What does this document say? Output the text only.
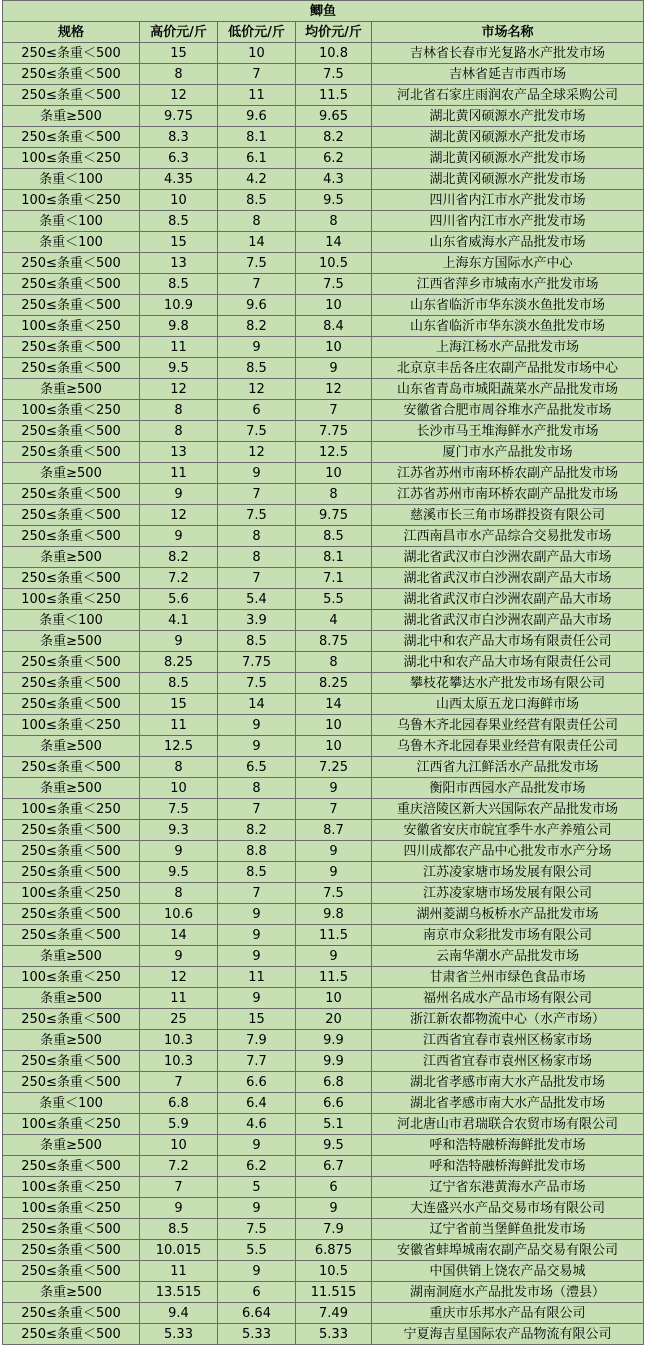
鲫鱼				
规格	高价元/斤	低价元/斤	均价元/斤	市场名称
250≤条重＜500	15	10	10.8	吉林省长春市光复路水产批发市场
250≤条重＜500	8	7	7.5	吉林省延吉市西市场
250≤条重＜500	12	11	11.5	河北省石家庄雨润农产品全球采购公司
条重≥500	9.75	9.6	9.65	湖北黄冈硕源水产批发市场
250≤条重＜500	8.3	8.1	8.2	湖北黄冈硕源水产批发市场
100≤条重＜250	6.3	6.1	6.2	湖北黄冈硕源水产批发市场
条重＜100	4.35	4.2	4.3	湖北黄冈硕源水产批发市场
100≤条重＜250	10	8.5	9.5	四川省内江市水产批发市场
条重＜100	8.5	8	8	四川省内江市水产批发市场
条重＜100	15	14	14	山东省威海水产品批发市场
250≤条重＜500	13	7.5	10.5	上海东方国际水产中心
250≤条重＜500	8.5	7	7.5	江西省萍乡市城南水产批发市场
250≤条重＜500	10.9	9.6	10	山东省临沂市华东淡水鱼批发市场
100≤条重＜250	9.8	8.2	8.4	山东省临沂市华东淡水鱼批发市场
250≤条重＜500	11	9	10	上海江杨水产品批发市场
250≤条重＜500	9.5	8.5	9	北京京丰岳各庄农副产品批发市场中心
条重≥500	12	12	12	山东省青岛市城阳蔬菜水产品批发市场
100≤条重＜250	8	6	7	安徽省合肥市周谷堆水产品批发市场
250≤条重＜500	8	7.5	7.75	长沙市马王堆海鲜水产批发市场
250≤条重＜500	13	12	12.5	厦门市水产品批发市场
条重≥500	11	9	10	江苏省苏州市南环桥农副产品批发市场
250≤条重＜500	9	7	8	江苏省苏州市南环桥农副产品批发市场
250≤条重＜500	12	7.5	9.75	慈溪市长三角市场群投资有限公司
250≤条重＜500	9	8	8.5	江西南昌市水产品综合交易批发市场
条重≥500	8.2	8	8.1	湖北省武汉市白沙洲农副产品大市场
250≤条重＜500	7.2	7	7.1	湖北省武汉市白沙洲农副产品大市场
100≤条重＜250	5.6	5.4	5.5	湖北省武汉市白沙洲农副产品大市场
条重＜100	4.1	3.9	4	湖北省武汉市白沙洲农副产品大市场
条重≥500	9	8.5	8.75	湖北中和农产品大市场有限责任公司
250≤条重＜500	8.25	7.75	8	湖北中和农产品大市场有限责任公司
250≤条重＜500	8.5	7.5	8.25	攀枝花攀达水产批发市场有限公司
250≤条重＜500	15	14	14	山西太原五龙口海鲜市场
100≤条重＜250	11	9	10	乌鲁木齐北园春果业经营有限责任公司
条重≥500	12.5	9	10	乌鲁木齐北园春果业经营有限责任公司
250≤条重＜500	8	6.5	7.25	江西省九江鲜活水产品批发市场
条重≥500	10	8	9	衡阳市西园水产品批发市场
100≤条重＜250	7.5	7	7	重庆涪陵区新大兴国际农产品批发市场
250≤条重＜500	9.3	8.2	8.7	安徽省安庆市皖宜季牛水产养殖公司
250≤条重＜500	9	8.8	9	四川成都农产品中心批发市水产分场
250≤条重＜500	9.5	8.5	9	江苏凌家塘市场发展有限公司
100≤条重＜250	8	7	7.5	江苏凌家塘市场发展有限公司
250≤条重＜500	10.6	9	9.8	湖州菱湖乌板桥水产品批发市场
250≤条重＜500	14	9	11.5	南京市众彩批发市场有限公司
条重≥500	9	9	9	云南华潮水产品批发市场
100≤条重＜250	12	11	11.5	甘肃省兰州市绿色食品市场
条重≥500	11	9	10	福州名成水产品市场有限公司
250≤条重＜500	25	15	20	浙江新农都物流中心（水产市场）
条重≥500	10.3	7.9	9.9	江西省宜春市袁州区杨家市场
250≤条重＜500	10.3	7.7	9.9	江西省宜春市袁州区杨家市场
250≤条重＜500	7	6.6	6.8	湖北省孝感市南大水产品批发市场
条重＜100	6.8	6.4	6.6	湖北省孝感市南大水产品批发市场
100≤条重＜250	5.9	4.6	5.1	河北唐山市君瑞联合农贸市场有限公司
条重≥500	10	9	9.5	呼和浩特融桥海鲜批发市场
250≤条重＜500	7.2	6.2	6.7	呼和浩特融桥海鲜批发市场
100≤条重＜250	7	5	6	辽宁省东港黄海水产品市场
100≤条重＜250	9	9	9	大连盛兴水产品交易市场有限公司
250≤条重＜500	8.5	7.5	7.9	辽宁省前当堡鲜鱼批发市场
250≤条重＜500	10.015	5.5	6.875	安徽省蚌埠城南农副产品交易有限公司
250≤条重＜500	11	9	10.5	中国供销上饶农产品交易城
条重≥500	13.515	6	11.515	湖南洞庭水产品批发市场（澧县）
250≤条重＜500	9.4	6.64	7.49	重庆市乐邦水产品有限公司
250≤条重＜500	5.33	5.33	5.33	宁夏海吉星国际农产品物流有限公司
